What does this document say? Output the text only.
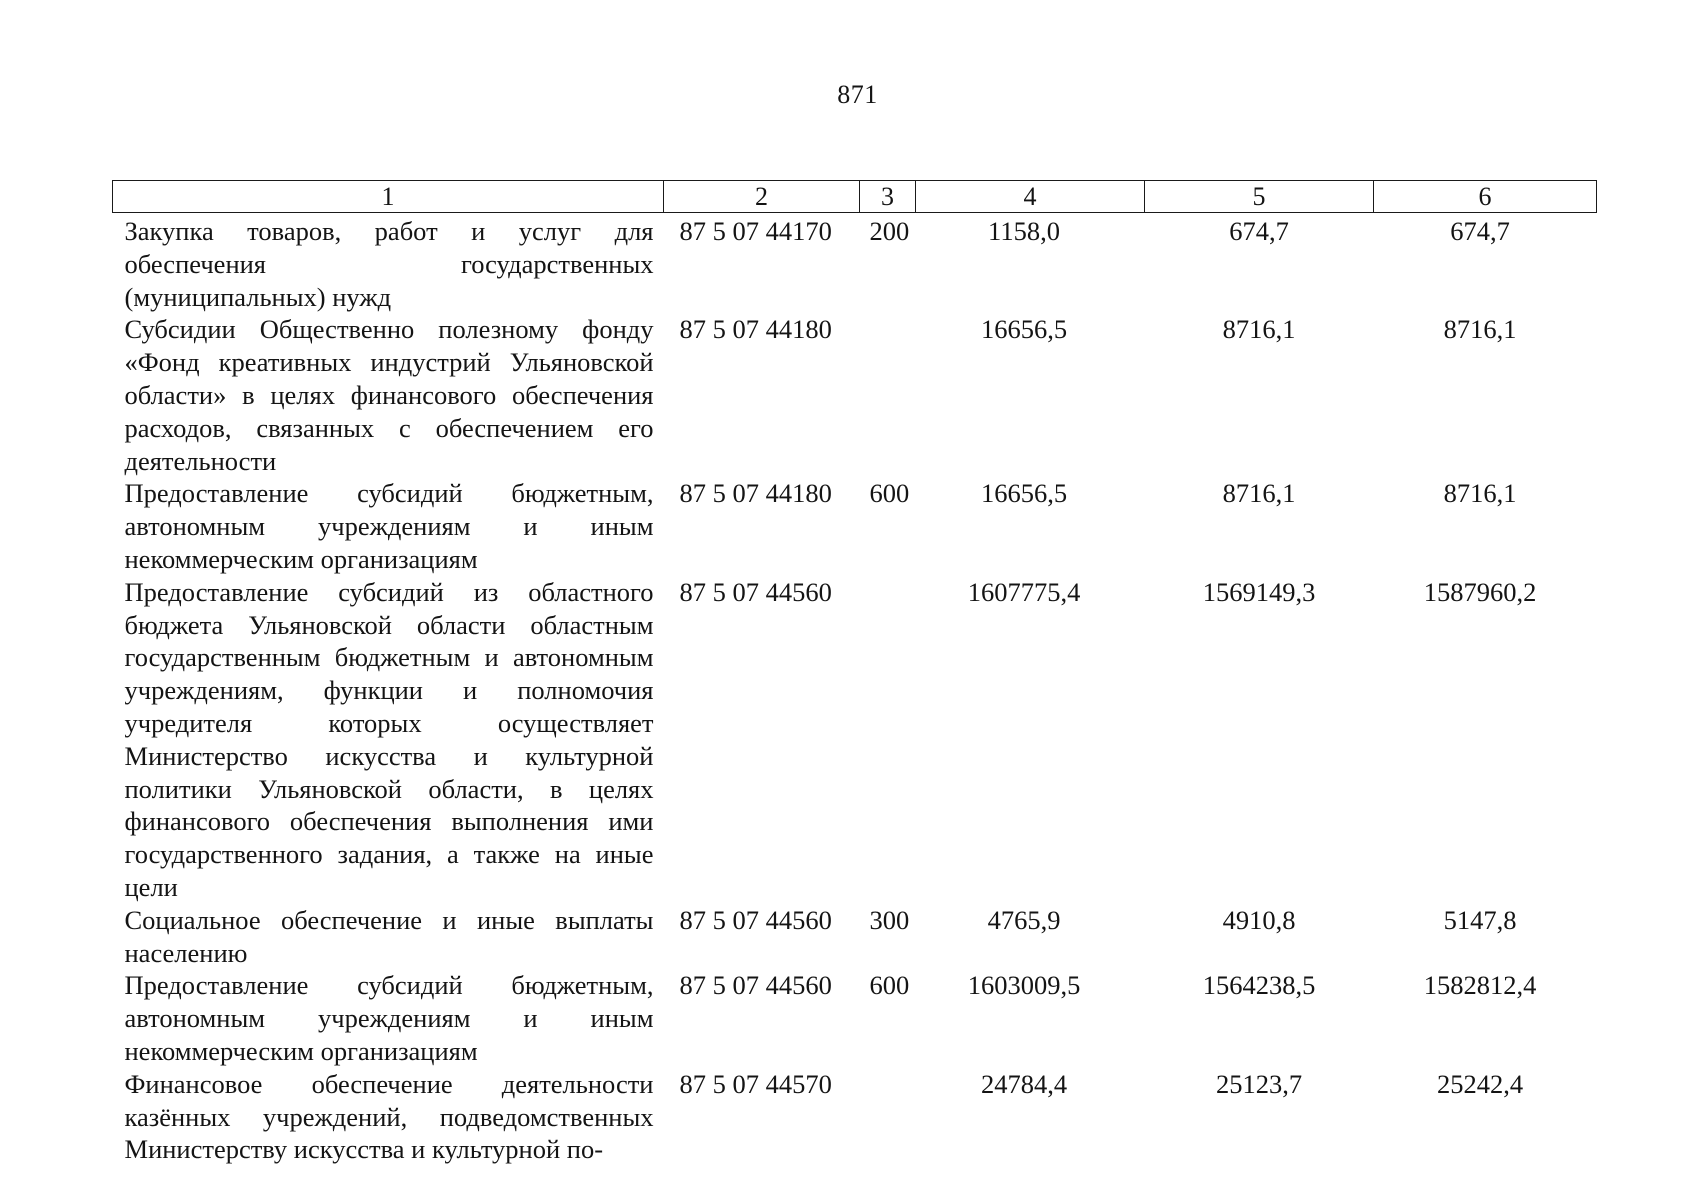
871
1	2	3	4	5	6
Закупка товаров, работ и услуг для обеспечения государственных (муниципальных) нужд	87 5 07 44170	200	1158,0	674,7	674,7
Субсидии Общественно полезному фонду «Фонд креативных индустрий Ульяновской области» в целях финансового обеспечения расходов, связанных с обеспечением его деятельности	87 5 07 44180		16656,5	8716,1	8716,1
Предоставление субсидий бюджетным, автономным учреждениям и иным некоммерческим организациям	87 5 07 44180	600	16656,5	8716,1	8716,1
Предоставление субсидий из областного бюджета Ульяновской области областным государственным бюджетным и автономным учреждениям, функции и полномочия учредителя которых осуществляет Министерство искусства и культурной политики Ульяновской области, в целях финансового обеспечения выполнения ими государственного задания, а также на иные цели	87 5 07 44560		1607775,4	1569149,3	1587960,2
Социальное обеспечение и иные выплаты населению	87 5 07 44560	300	4765,9	4910,8	5147,8
Предоставление субсидий бюджетным, автономным учреждениям и иным некоммерческим организациям	87 5 07 44560	600	1603009,5	1564238,5	1582812,4
Финансовое обеспечение деятельности казённых учреждений, подведомственных Министерству искусства и культурной по-	87 5 07 44570		24784,4	25123,7	25242,4
